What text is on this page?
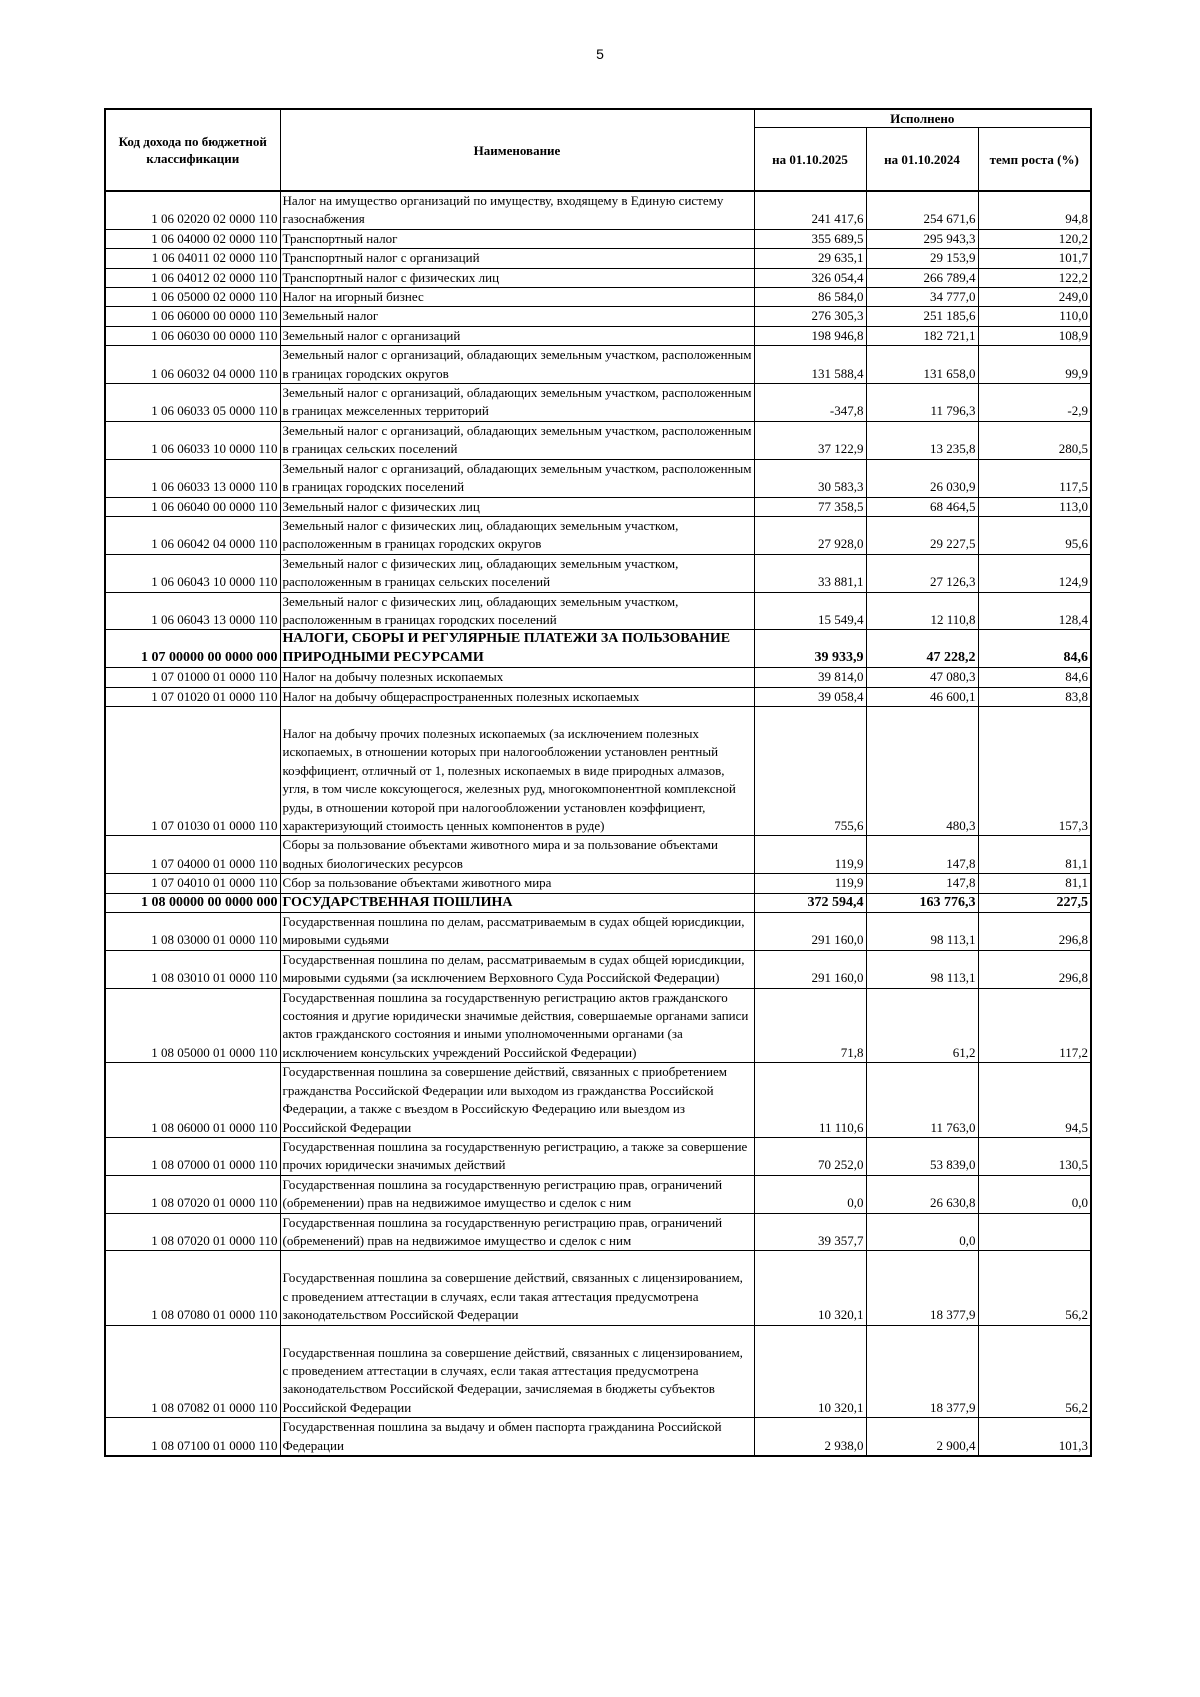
5
Код дохода по бюджетной классификации	Наименование	Исполнено		
		на 01.10.2025	на 01.10.2024	темп роста (%)
1 06 02020 02 0000 110	Налог на имущество организаций по имуществу, входящему в Единую систему газоснабжения	241 417,6	254 671,6	94,8
1 06 04000 02 0000 110	Транспортный налог	355 689,5	295 943,3	120,2
1 06 04011 02 0000 110	Транспортный налог с организаций	29 635,1	29 153,9	101,7
1 06 04012 02 0000 110	Транспортный налог с физических лиц	326 054,4	266 789,4	122,2
1 06 05000 02 0000 110	Налог на игорный бизнес	86 584,0	34 777,0	249,0
1 06 06000 00 0000 110	Земельный налог	276 305,3	251 185,6	110,0
1 06 06030 00 0000 110	Земельный налог с организаций	198 946,8	182 721,1	108,9
1 06 06032 04 0000 110	Земельный налог с организаций, обладающих земельным участком, расположенным в границах городских округов	131 588,4	131 658,0	99,9
1 06 06033 05 0000 110	Земельный налог с организаций, обладающих земельным участком, расположенным в границах межселенных территорий	-347,8	11 796,3	-2,9
1 06 06033 10 0000 110	Земельный налог с организаций, обладающих земельным участком, расположенным в границах сельских поселений	37 122,9	13 235,8	280,5
1 06 06033 13 0000 110	Земельный налог с организаций, обладающих земельным участком, расположенным в границах городских поселений	30 583,3	26 030,9	117,5
1 06 06040 00 0000 110	Земельный налог с физических лиц	77 358,5	68 464,5	113,0
1 06 06042 04 0000 110	Земельный налог с физических лиц, обладающих земельным участком, расположенным в границах городских округов	27 928,0	29 227,5	95,6
1 06 06043 10 0000 110	Земельный налог с физических лиц, обладающих земельным участком, расположенным в границах сельских поселений	33 881,1	27 126,3	124,9
1 06 06043 13 0000 110	Земельный налог с физических лиц, обладающих земельным участком, расположенным в границах городских поселений	15 549,4	12 110,8	128,4
1 07 00000 00 0000 000	НАЛОГИ, СБОРЫ И РЕГУЛЯРНЫЕ ПЛАТЕЖИ ЗА ПОЛЬЗОВАНИЕ ПРИРОДНЫМИ РЕСУРСАМИ	39 933,9	47 228,2	84,6
1 07 01000 01 0000 110	Налог на добычу полезных ископаемых	39 814,0	47 080,3	84,6
1 07 01020 01 0000 110	Налог на добычу общераспространенных полезных ископаемых	39 058,4	46 600,1	83,8
1 07 01030 01 0000 110	Налог на добычу прочих полезных ископаемых (за исключением полезных ископаемых, в отношении которых при налогообложении установлен рентный коэффициент, отличный от 1, полезных ископаемых в виде природных алмазов, угля, в том числе коксующегося, железных руд, многокомпонентной комплексной руды, в отношении которой при налогообложении установлен коэффициент, характеризующий стоимость ценных компонентов в руде)	755,6	480,3	157,3
1 07 04000 01 0000 110	Сборы за пользование объектами животного мира и за пользование объектами водных биологических ресурсов	119,9	147,8	81,1
1 07 04010 01 0000 110	Сбор за пользование объектами животного мира	119,9	147,8	81,1
1 08 00000 00 0000 000	ГОСУДАРСТВЕННАЯ ПОШЛИНА	372 594,4	163 776,3	227,5
1 08 03000 01 0000 110	Государственная пошлина по делам, рассматриваемым в судах общей юрисдикции, мировыми судьями	291 160,0	98 113,1	296,8
1 08 03010 01 0000 110	Государственная пошлина по делам, рассматриваемым в судах общей юрисдикции, мировыми судьями (за исключением Верховного Суда Российской Федерации)	291 160,0	98 113,1	296,8
1 08 05000 01 0000 110	Государственная пошлина за государственную регистрацию актов гражданского состояния и другие юридически значимые действия, совершаемые органами записи актов гражданского состояния и иными уполномоченными органами (за исключением консульских учреждений Российской Федерации)	71,8	61,2	117,2
1 08 06000 01 0000 110	Государственная пошлина за совершение действий, связанных с приобретением гражданства Российской Федерации или выходом из гражданства Российской Федерации, а также с въездом в Российскую Федерацию или выездом из Российской Федерации	11 110,6	11 763,0	94,5
1 08 07000 01 0000 110	Государственная пошлина за государственную регистрацию, а также за совершение прочих юридически значимых действий	70 252,0	53 839,0	130,5
1 08 07020 01 0000 110	Государственная пошлина за государственную регистрацию прав, ограничений (обременении) прав на недвижимое имущество и сделок с ним	0,0	26 630,8	0,0
1 08 07020 01 0000 110	Государственная пошлина за государственную регистрацию прав, ограничений (обременений) прав на недвижимое имущество и сделок с ним	39 357,7	0,0	
1 08 07080 01 0000 110	Государственная пошлина за совершение действий, связанных с лицензированием, с проведением аттестации в случаях, если такая аттестация предусмотрена законодательством Российской Федерации	10 320,1	18 377,9	56,2
1 08 07082 01 0000 110	Государственная пошлина за совершение действий, связанных с лицензированием, с проведением аттестации в случаях, если такая аттестация предусмотрена законодательством Российской Федерации, зачисляемая в бюджеты субъектов Российской Федерации	10 320,1	18 377,9	56,2
1 08 07100 01 0000 110	Государственная пошлина за выдачу и обмен паспорта гражданина Российской Федерации	2 938,0	2 900,4	101,3
